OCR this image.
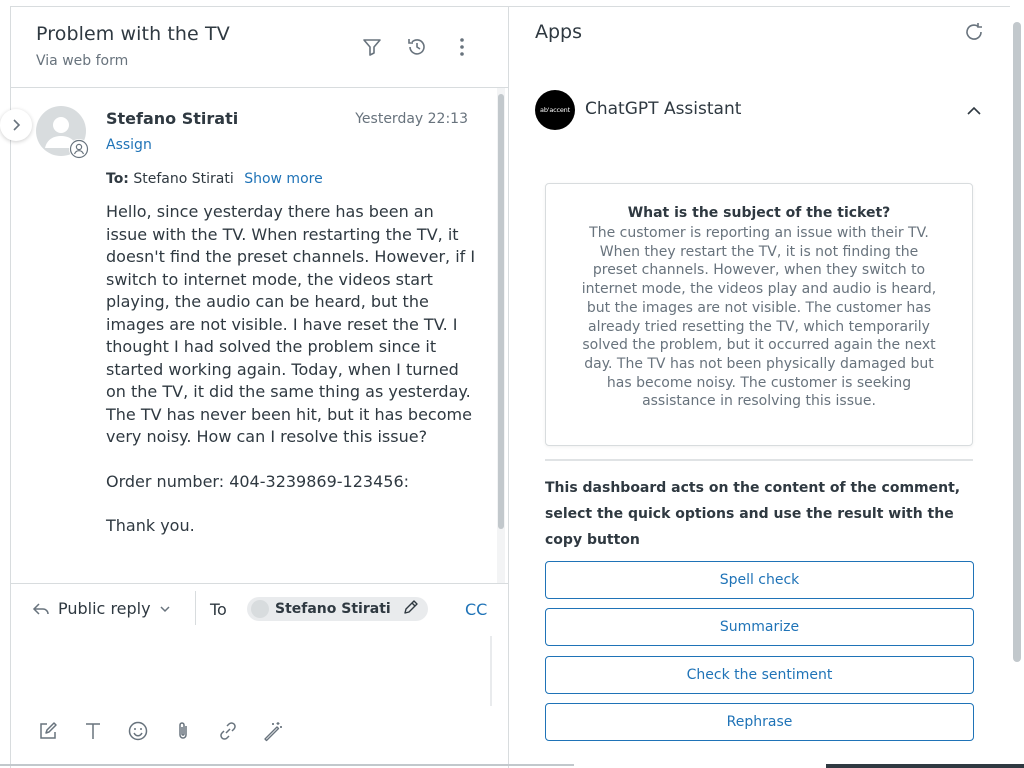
Problem with the TV
Via web form
Stefano Stirati	Yesterday 22:13
Assign
To: Stefano Stirati Show more

Hello, since yesterday there has been an issue with the TV. When restarting the TV, it doesn't find the preset channels. However, if I switch to internet mode, the videos start playing, the audio can be heard, but the images are not visible. I have reset the TV. I thought I had solved the problem since it started working again. Today, when I turned on the TV, it did the same thing as yesterday. The TV has never been hit, but it has become very noisy. How can I resolve this issue?

Order number: 404-3239869-123456:

Thank you.

Public reply	To	Stefano Stirati	CC
Apps
ab'accent ChatGPT Assistant
What is the subject of the ticket?
The customer is reporting an issue with their TV. When they restart the TV, it is not finding the preset channels. However, when they switch to internet mode, the videos play and audio is heard, but the images are not visible. The customer has already tried resetting the TV, which temporarily solved the problem, but it occurred again the next day. The TV has not been physically damaged but has become noisy. The customer is seeking assistance in resolving this issue.
This dashboard acts on the content of the comment, select the quick options and use the result with the copy button
Spell check
Summarize
Check the sentiment
Rephrase
